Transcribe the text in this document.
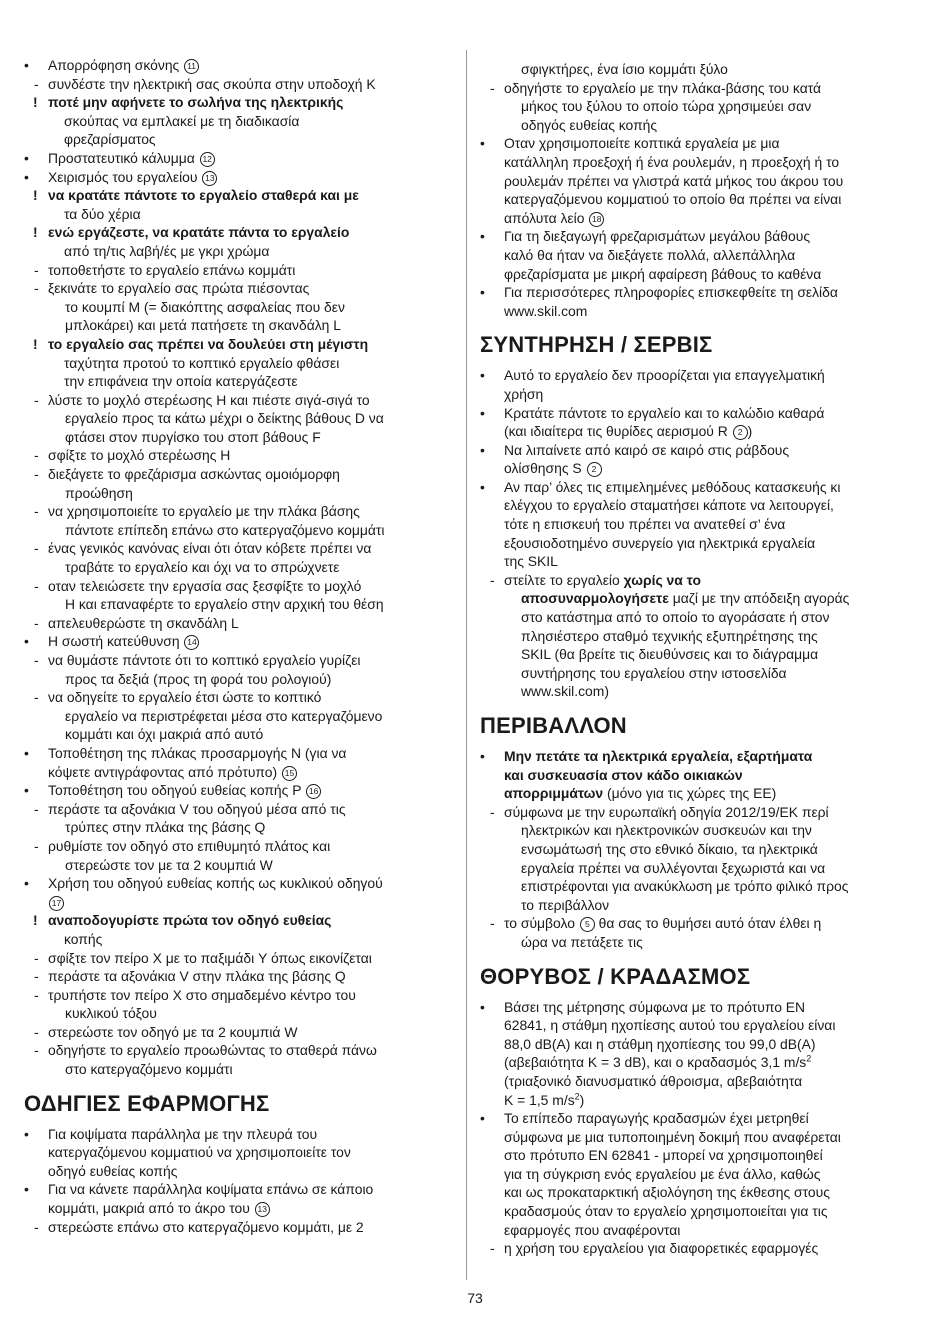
•	Απορρόφηση σκόνης 11
- συνδέστε την ηλεκτρική σας σκούπα στην υποδοχή K
! ποτέ μην αφήνετε το σωλήνα της ηλεκτρικής
σκούπας να εμπλακεί με τη διαδικασία
φρεζαρίσματος
•	Προστατευτικό κάλυμμα 12
•	Χειρισμός του εργαλείου 13
! να κρατάτε πάντοτε το εργαλείο σταθερά και με
τα δύο χέρια
! ενώ εργάζεστε, να κρατάτε πάντα το εργαλείο
από τη/τις λαβή/ές με γκρι χρώμα
- τοποθετήστε το εργαλείο επάνω κομμάτι
- ξεκινάτε το εργαλείο σας πρώτα πιέσοντας
το κουμπί M (= διακόπτης ασφαλείας που δεν
μπλοκάρει) και μετά πατήσετε τη σκανδάλη L
! το εργαλείο σας πρέπει να δουλεύει στη μέγιστη
ταχύτητα προτού το κοπτικό εργαλείο φθάσει
την επιφάνεια την οποία κατεργάζεστε
- λύστε το μοχλό στερέωσης H και πιέστε σιγά-σιγά το
εργαλείο προς τα κάτω μέχρι ο δείκτης βάθους D να
φτάσει στον πυργίσκο του στοπ βάθους F
- σφίξτε το μοχλό στερέωσης H
- διεξάγετε το φρεζάρισμα ασκώντας ομοιόμορφη
προώθηση
- να χρησιμοποιείτε το εργαλείο με την πλάκα βάσης
πάντοτε επίπεδη επάνω στο κατεργαζόμενο κομμάτι
- ένας γενικός κανόνας είναι ότι όταν κόβετε πρέπει να
τραβάτε το εργαλείο και όχι να το σπρώχνετε
- οταν τελειώσετε την εργασία σας ξεσφίξτε το μοχλό
H και επαναφέρτε το εργαλείο στην αρχική του θέση
- απελευθερώστε τη σκανδάλη L
•	H σωστή κατεύθυνση 14
- να θυμάστε πάντοτε ότι το κοπτικό εργαλείο γυρίζει
προς τα δεξιά (προς τη φορά του ρολογιού)
- να οδηγείτε το εργαλείο έτσι ώστε το κοπτικό
εργαλείο να περιστρέφεται μέσα στο κατεργαζόμενο
κομμάτι και όχι μακριά από αυτό
•	Τοποθέτηση της πλάκας προσαρμογής N (για να
κόψετε αντιγράφοντας από πρότυπο) 15
•	Τοποθέτηση του οδηγού ευθείας κοπής P 16
- περάστε τα αξονάκια V του οδηγού μέσα από τις
τρύπες στην πλάκα της βάσης Q
- ρυθμίστε τον οδηγό στο επιθυμητό πλάτος και
στερεώστε τον με τα 2 κουμπιά W
•	Χρήση του οδηγού ευθείας κοπής ως κυκλικού οδηγού
17
! αναποδογυρίστε πρώτα τον οδηγό ευθείας
κοπής
- σφίξτε τον πείρο X με το παξιμάδι Y όπως εικονίζεται
- περάστε τα αξονάκια V στην πλάκα της βάσης Q
- τρυπήστε τον πείρο X στο σημαδεμένο κέντρο του
κυκλικού τόξου
- στερεώστε τον οδηγό με τα 2 κουμπιά W
- οδηγήστε το εργαλείο προωθώντας το σταθερά πάνω
στο κατεργαζόμενο κομμάτι
ΟΔΗΓΙΕΣ ΕΦΑΡΜΟΓΗΣ
•	Για κοψίματα παράλληλα με την πλευρά του
κατεργαζόμενου κομματιού να χρησιμοποιείτε τον
οδηγό ευθείας κοπής
•	Για να κάνετε παράλληλα κοψίματα επάνω σε κάποιο
κομμάτι, μακριά από το άκρο του 13
- στερεώστε επάνω στο κατεργαζόμενο κομμάτι, με 2
σφιγκτήρες, ένα ίσιο κομμάτι ξύλο
- οδηγήστε το εργαλείο με την πλάκα-βάσης του κατά
μήκος του ξύλου το οποίο τώρα χρησιμεύει σαν
οδηγός ευθείας κοπής
•	Οταν χρησιμοποιείτε κοπτικά εργαλεία με μια
κατάλληλη προεξοχή ή ένα ρουλεμάν, η προεξοχή ή το
ρουλεμάν πρέπει να γλιστρά κατά μήκος του άκρου του
κατεργαζόμενου κομματιού το οποίο θα πρέπει να είναι
απόλυτα λείο 18
•	Για τη διεξαγωγή φρεζαρισμάτων μεγάλου βάθους
καλό θα ήταν να διεξάγετε πολλά, αλλεπάλληλα
φρεζαρίσματα με μικρή αφαίρεση βάθους το καθένα
•	Για περισσότερες πληροφορίες επισκεφθείτε τη σελίδα
www.skil.com
ΣΥΝΤΗΡΗΣΗ / ΣΕΡΒΙΣ
•	Αυτό το εργαλείο δεν προορίζεται για επαγγελματική
χρήση
•	Κρατάτε πάντοτε το εργαλείο και το καλώδιο καθαρά
(και ιδιαίτερα τις θυρίδες αερισμού R 2 )
•	Να λιπαίνετε από καιρό σε καιρό στις ράβδους
ολίσθησης S 2
•	Αν παρ’ όλες τις επιμελημένες μεθόδους κατασκευής κι
ελέγχου το εργαλείο σταματήσει κάποτε να λειτουργεί,
τότε η επισκευή του πρέπει να ανατεθεί σ’ ένα
εξουσιοδοτημένο συνεργείο για ηλεκτρικά εργαλεία
της SKIL
- στείλτε το εργαλείο χωρίς να το
αποσυναρμολογήσετε μαζί με την απόδειξη αγοράς
στο κατάστημα από το οποίο το αγοράσατε ή στον
πλησιέστερο σταθμό τεχνικής εξυπηρέτησης της
SKIL (θα βρείτε τις διευθύνσεις και το διάγραμμα
συντήρησης του εργαλείου στην ιστοσελίδα
www.skil.com)
ΠΕΡΙΒΑΛΛΟΝ
•	Μην πετάτε τα ηλεκτρικά εργαλεία, εξαρτήματα
και συσκευασία στον κάδο οικιακών
απορριμμάτων (μόνο για τις χώρες της ΕΕ)
- σύμφωνα με την ευρωπαϊκή οδηγία 2012/19/ΕΚ περί
ηλεκτρικών και ηλεκτρονικών συσκευών και την
ενσωμάτωσή της στο εθνικό δίκαιο, τα ηλεκτρικά
εργαλεία πρέπει να συλλέγονται ξεχωριστά και να
επιστρέφονται για ανακύκλωση με τρόπο φιλικό προς
το περιβάλλον
- το σύμβολο 5 θα σας το θυμήσει αυτό όταν έλθει η
ώρα να πετάξετε τις
ΘΟΡΥΒΟΣ / ΚΡΑΔΑΣΜΟΣ
•	Βάσει της μέτρησης σύμφωνα με το πρότυπο EN
62841, η στάθμη ηχοπίεσης αυτού του εργαλείου είναι
88,0 dB(A) και η στάθμη ηχοπίεσης του 99,0 dB(A)
(αβεβαιότητα K = 3 dB), και ο κραδασμός 3,1 $m/s^2$
(τριαξονικό διανυσματικό άθροισμα, αβεβαιότητα
K = 1,5 $m/s^2$)
•	Το επίπεδο παραγωγής κραδασμών έχει μετρηθεί
σύμφωνα με μια τυποποιημένη δοκιμή που αναφέρεται
στο πρότυπο EN 62841 - μπορεί να χρησιμοποιηθεί
για τη σύγκριση ενός εργαλείου με ένα άλλο, καθώς
και ως προκαταρκτική αξιολόγηση της έκθεσης στους
κραδασμούς όταν το εργαλείο χρησιμοποιείται για τις
εφαρμογές που αναφέρονται
- η χρήση του εργαλείου για διαφορετικές εφαρμογές
73
